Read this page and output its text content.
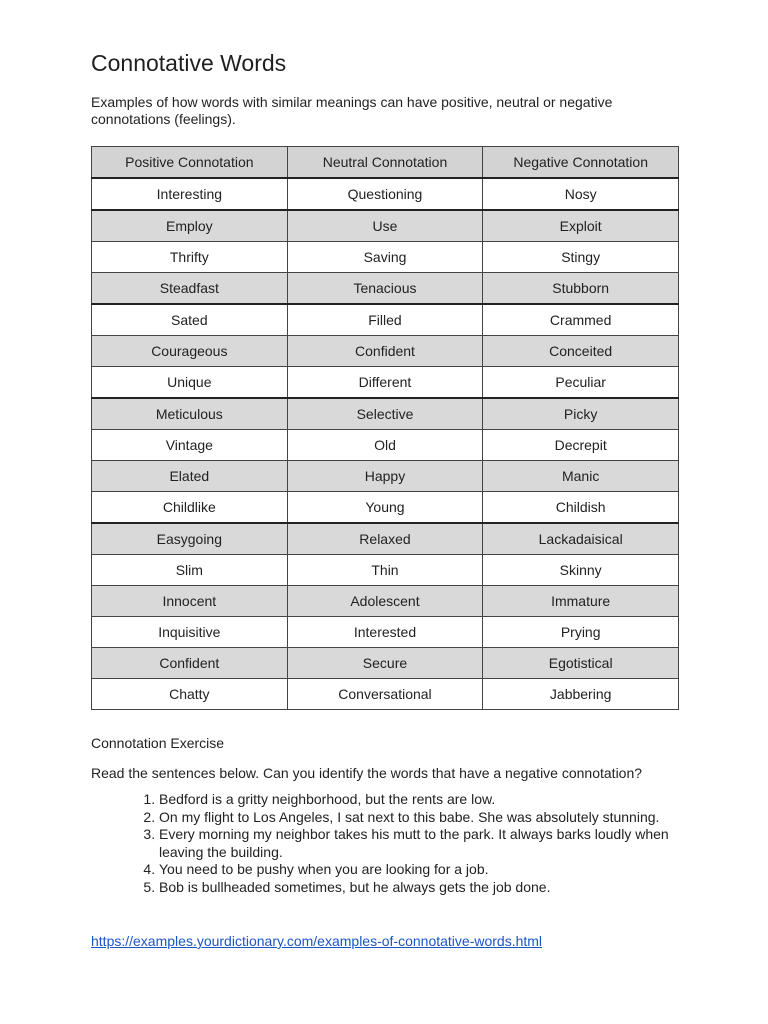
Connotative Words

Examples of how words with similar meanings can have positive, neutral or negative connotations (feelings).

Positive Connotation	Neutral Connotation	Negative Connotation
Interesting	Questioning	Nosy
Employ	Use	Exploit
Thrifty	Saving	Stingy
Steadfast	Tenacious	Stubborn
Sated	Filled	Crammed
Courageous	Confident	Conceited
Unique	Different	Peculiar
Meticulous	Selective	Picky
Vintage	Old	Decrepit
Elated	Happy	Manic
Childlike	Young	Childish
Easygoing	Relaxed	Lackadaisical
Slim	Thin	Skinny
Innocent	Adolescent	Immature
Inquisitive	Interested	Prying
Confident	Secure	Egotistical
Chatty	Conversational	Jabbering
Connotation Exercise

Read the sentences below. Can you identify the words that have a negative connotation?

1. Bedford is a gritty neighborhood, but the rents are low.
2. On my flight to Los Angeles, I sat next to this babe. She was absolutely stunning.
3. Every morning my neighbor takes his mutt to the park. It always barks loudly when leaving the building.
4. You need to be pushy when you are looking for a job.
5. Bob is bullheaded sometimes, but he always gets the job done.
https://examples.yourdictionary.com/examples-of-connotative-words.html
